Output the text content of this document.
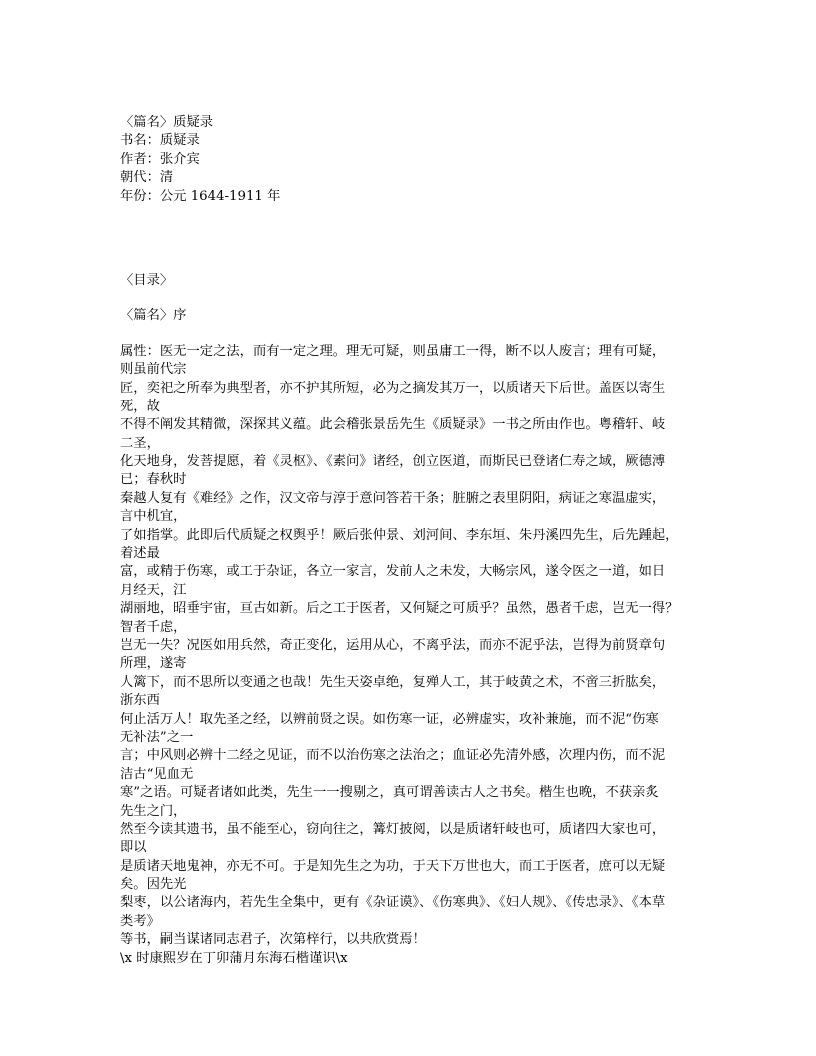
〈篇名〉质疑录
书名：质疑录
作者：张介宾
朝代：清
年份：公元 1644-1911 年
〈目录〉
〈篇名〉序
属性：医无一定之法，而有一定之理。理无可疑，则虽庸工一得，断不以人废言；理有可疑，
则虽前代宗
匠，奕祀之所奉为典型者，亦不护其所短，必为之摘发其万一，以质诸天下后世。盖医以寄生
死，故
不得不阐发其精微，深探其义蕴。此会稽张景岳先生《质疑录》一书之所由作也。粤稽轩、岐
二圣，
化天地身，发菩提愿，着《灵枢》、《素问》诸经，创立医道，而斯民已登诸仁寿之域，厥德溥
已；春秋时
秦越人复有《难经》之作，汉文帝与淳于意问答若干条；脏腑之表里阴阳，病证之寒温虚实，
言中机宜，
了如指掌。此即后代质疑之权舆乎！厥后张仲景、刘河间、李东垣、朱丹溪四先生，后先踵起，
着述最
富，或精于伤寒，或工于杂证，各立一家言，发前人之未发，大畅宗风，遂令医之一道，如日
月经天，江
湖丽地，昭垂宇宙，亘古如新。后之工于医者，又何疑之可质乎？虽然，愚者千虑，岂无一得？
智者千虑，
岂无一失？况医如用兵然，奇正变化，运用从心，不离乎法，而亦不泥乎法，岂得为前贤章句
所理，遂寄
人篱下，而不思所以变通之也哉！先生天姿卓绝，复殚人工，其于岐黄之术，不啻三折肱矣，
浙东西
何止活万人！取先圣之经，以辨前贤之误。如伤寒一证，必辨虚实，攻补兼施，而不泥“伤寒
无补法”之一
言；中风则必辨十二经之见证，而不以治伤寒之法治之；血证必先清外感，次理内伤，而不泥
洁古“见血无
寒”之语。可疑者诸如此类，先生一一搜剔之，真可谓善读古人之书矣。楷生也晚，不获亲炙
先生之门，
然至今读其遗书，虽不能至心，窃向往之，篝灯披阅，以是质诸轩岐也可，质诸四大家也可，
即以
是质诸天地鬼神，亦无不可。于是知先生之为功，于天下万世也大，而工于医者，庶可以无疑
矣。因先光
梨枣，以公诸海内，若先生全集中，更有《杂证谟》、《伤寒典》、《妇人规》、《传忠录》、《本草
类考》
等书，嗣当谋诸同志君子，次第梓行，以共欣赏焉！
\x 时康熙岁在丁卯蒲月东海石楷谨识\x
